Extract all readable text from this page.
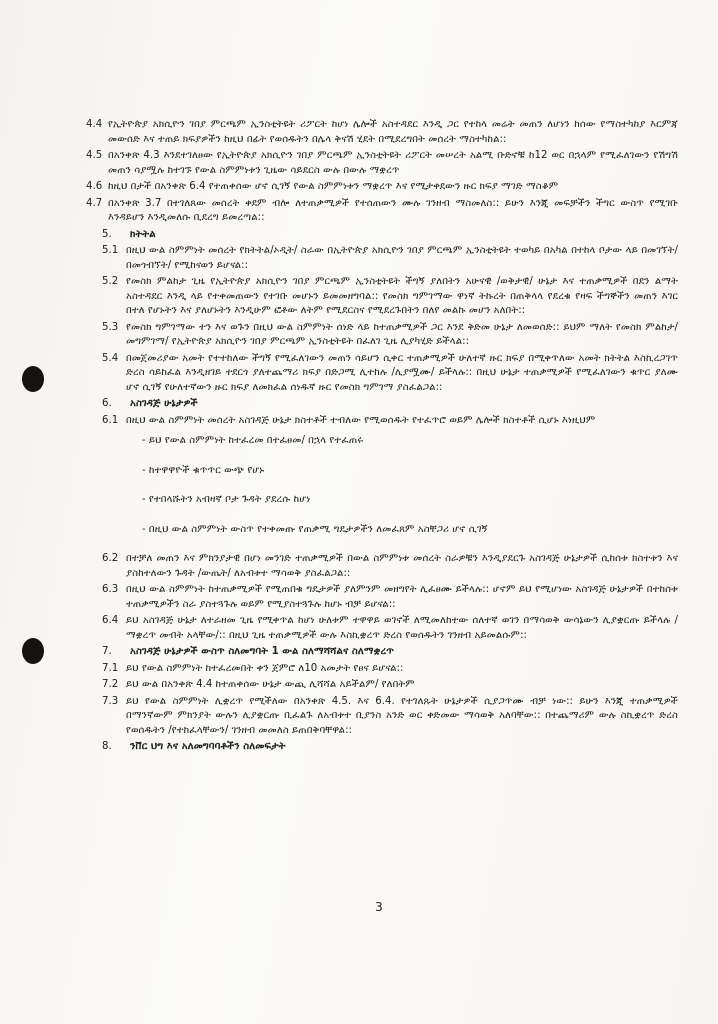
4.4 የኢትዮጵያ አክሲዮን ገበያ ምርጫም ኢንስቲትዩት ሪፖርት ከሆነ ሌሎች አስተዳደር እንዲ ጋር የተከላ መሬት መጠን ለሆነን ከሰው የማስተካከያ እርምጃ መውሰድ እና ተጠይ ክፍያዎችን ከዚህ በፊት የወሰዱትን በሌላ ቅናሽ ሂደት በሚደረግበት መሰረት ማስተካከል::
4.5 በአንቀጽ 4.3 እንደተገለፀው የኢትዮጵያ አክሲዮን ገበያ ምርጫም ኢንስቲትዩት ሪፖርት መሠረት አልሚ ቡድኖቹ ከ12 ወር በኋላም የሚፈለገውን የሽግሽ መጠን ሳያሟሉ ከተገኙ የውል ስምምነቱን ጊዜው ሳይደርስ ውሉ በውሉ ማቋረጥ
4.6 ከዚህ በታች በአንቀጽ 6.4 የተጠቀሰው ሆኖ ሲገኝ የውል ስምምነቱን ማቋረጥ እና የሚታቀደውን ዙር ክፍያ ማገድ ማስቆም
4.7 በአንቀጽ 3.7 በተገለጸው መሰረት ቀደም ብሎ ለተጠቃሚዎች የተሰጠውን ሙሉ ገንዘብ ማስመለስ:: ይሁን እንጂ መፍቻችን ችግር ውስጥ የሚገቡ እንዳይሆን እንዲመለሱ ቢደረግ ይመረጣል::
5.	ክትትል
5.1 በዚህ ውል ስምምነት መሰረት የክትትል/ኦዲት/ ስራው በኢትዮጵያ አክሲዮን ገበያ ምርጫም ኢንስቲትዩት ተወካይ በአካል በተከላ ቦታው ላይ በመገኘት/በመጎብኘት/ የሚከናወን ይሆናል::
5.2 የመስክ ምልከታ ጊዜ የኢትዮጵያ አክሲዮን ገበያ ምርጫም ኢንስቲትዩት ችግኝ ያለበትን አሁናዊ /ወቅታዊ/ ሁኔታ እና ተጠቃሚዎች በደን ልማት አስተዳደር እንዲ ላይ የተቀመጠውን የተገቡ መሆኑን ይመመዘግባል:: የመስክ ግምገማው ዋነኛ ትኩረት በጠቅላላ የደረቁ የዛፍ ችግኞችን መጠን እገር በተለ የሆኑትን እና ያለሆኑትን እንዲሁም ፎቶው ለትም የሚደርስና የሚደረጉበትን በለየ መልኩ መሆን አለበት::
5.3 የመስክ ግምገማው ተን እና ወጉን በዚህ ውል ስምምነት ሰነድ ላይ ከተጠቃሚዎች ጋር እንደ ቅድመ ሁኔታ ለመወሰድ:: ይህም ማለት የመስክ ምልከታ/መግምገማ/ የኢትዮጵያ አክሲዮን ገበያ ምርጫም ኢንስቲትዩት በፈለገ ጊዜ ሊያካሂድ ይችላል::
5.4 በመጀመሪያው አመት የተተከለው ችግኝ የሚፈለገውን መጠን ሳይሆን ሲቀር ተጠቃሚዎች ሁለተኛ ዙር ክፍያ በሚቀጥለው አመት ክትትል እስኪረጋገጥ ድረስ ሳይከፈል እንዲዘገይ ተደርጎ ያለተጨማሪ ክፍያ በድጋሚ ሊተከሉ /ሊያሟሙ/ ይችላሉ:: በዚህ ሁኔታ ተጠቃሚዎች የሚፈለገውን ቁጥር ያለሙ ሆኖ ሲገኝ የሁለተኛውን ዙር ክፍያ ለመክፈል ሰነዱኛ ዙር የመስክ ግምገማ ያስፈልጋል::
6.	አስገዳጅ ሁኔታዎች
6.1 በዚህ ውል ስምምነት መሰረት አስገዳጅ ሁኔታ ክስተቶች ተብለው የሚወሰዱት የተፈጥሮ ወይም ሌሎች ክስተቶች ሲሆኑ እነዚህም
- ይህ የውል ስምምነት ከተፈረመ በተፈፀመ/ በኋላ የተፈጠሩ
- ከተዋዋዮች ቁጥጥር ውጭ የሆኑ
- የተበላሹትን አብዛኛ ቦታ ጉዳት ያደረሱ ከሆነ
- በዚህ ውል ስምምነት ውስጥ የተቀመጡ የጠቃሚ ግዴታዎችን ለመፈጸም አስቸጋሪ ሆኖ ሲገኝ
6.2 በተቻለ መጠን እና ምክንያታዊ በሆነ መንገድ ተጠቃሚዎች በውል ስምምነቱ መሰረት ስራዎቹን እንዲያደርጉ አስገዳጅ ሁኔታዎች ሲከሰቱ ክስተቱን እና ያስከተለውን ጉዳት /ውጤት/ ለአብቱተ ማሳወቅ ያስፈልጋል::
6.3 በዚህ ውል ስምምነት ከተጠቃሚዎች የሚጠበቁ ግዴታዎች ያለምንም መዘግየት ሊፈፀሙ ይችላሉ:: ሆኖም ይህ የሚሆነው አስገዳጅ ሁኔታዎች በተከሰቱ ተጠቃሚዎችን ስራ ያስተጓጉሉ ወይም የሚያስተጓጉሉ ከሆኑ ብቻ ይሆናል::
6.4 ይህ አስገዳጅ ሁኔታ ለተራዘመ ጊዜ የሚቀጥል ከሆነ ሁለቱም ተዋዋይ ወገኖች ለሚመለከተው ሰለተኛ ወገን በማሳወቅ ውሳኔውን ሊያቋርጡ ይችላሉ /ማቋረጥ መብት አላቸው/:: በዚህ ጊዜ ተጠቃሚዎች ውሉ እስኪቋረጥ ድረስ የወሰዱትን ገንዘብ አይመልሱም::
7.	አስገዳጅ ሁኔታዎች ውስጥ ስለመግባት 1 ውል ስለማሻሻልና ስለማቋረጥ
7.1 ይህ የውል ስምምነት ከተፈረመበት ቀን ጀምሮ ለ10 አመታት የፀና ይሆናል::
7.2 ይህ ውል በአንቀጽ 4.4 ከተጠቀሰው ሁኔታ ውጪ ሊሻሻል አይችልም/ የለበትም
7.3 ይህ የውል ስምምነት ሊቋረጥ የሚችለው በአንቀጽ 4.5. እና 6.4. የተገለጹት ሁኔታዎች ሲያጋጥሙ ብቻ ነው:: ይሁን እንጂ ተጠቃሚዎች በማንኛውም ምክንያት ውሉን ሊያቋርጡ ቢፈልጉ ለአብቱተ ቢያንስ አንድ ወር ቀድመው ማሳወቅ አለባቸው:: በተጨማሪም ውሉ ስኪቋረጥ ድረስ የወሰዱትን /የተከፈላቸውን/ ገንዘብ መመለስ ይጠበቅባቸዋል::
8.	ንቨር ህግ እና አለመግባባቶችን ስለመፍታት
3
